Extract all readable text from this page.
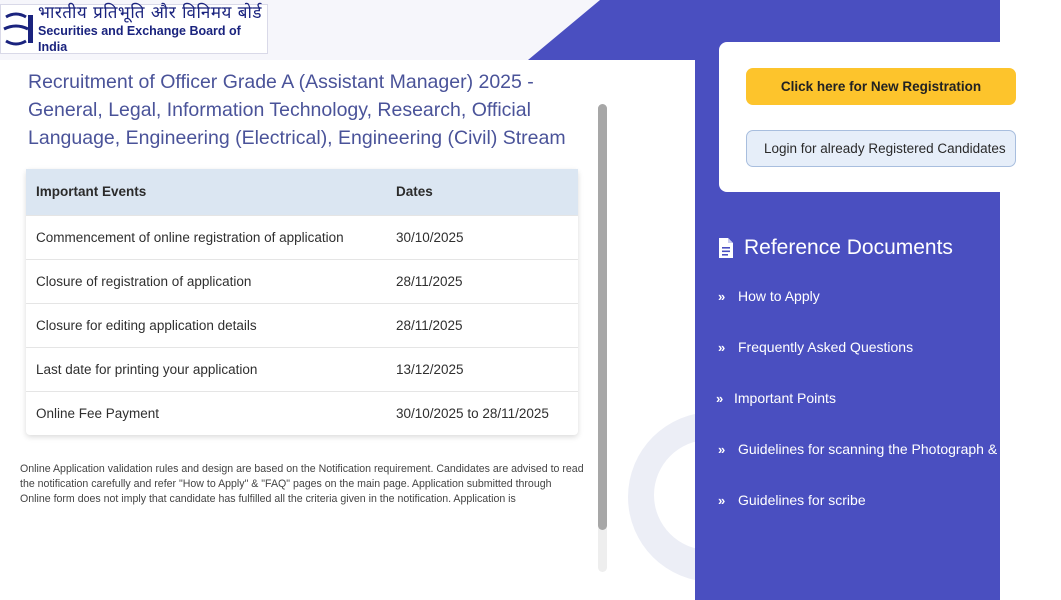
भारतीय प्रतिभूति और विनिमय बोर्ड
Securities and Exchange Board of India
Recruitment of Officer Grade A (Assistant Manager) 2025 - General, Legal, Information Technology, Research, Official Language, Engineering (Electrical), Engineering (Civil) Stream
Important Events	Dates
Commencement of online registration of application	30/10/2025
Closure of registration of application	28/11/2025
Closure for editing application details	28/11/2025
Last date for printing your application	13/12/2025
Online Fee Payment	30/10/2025 to 28/11/2025
Online Application validation rules and design are based on the Notification requirement. Candidates are advised to read the notification carefully and refer "How to Apply" & "FAQ" pages on the main page. Application submitted through Online form does not imply that candidate has fulfilled all the criteria given in the notification. Application is
Click here for New Registration
Login for already Registered Candidates
Reference Documents
» How to Apply
» Frequently Asked Questions
» Important Points
» Guidelines for scanning the Photograph & Signature
» Guidelines for scribe
